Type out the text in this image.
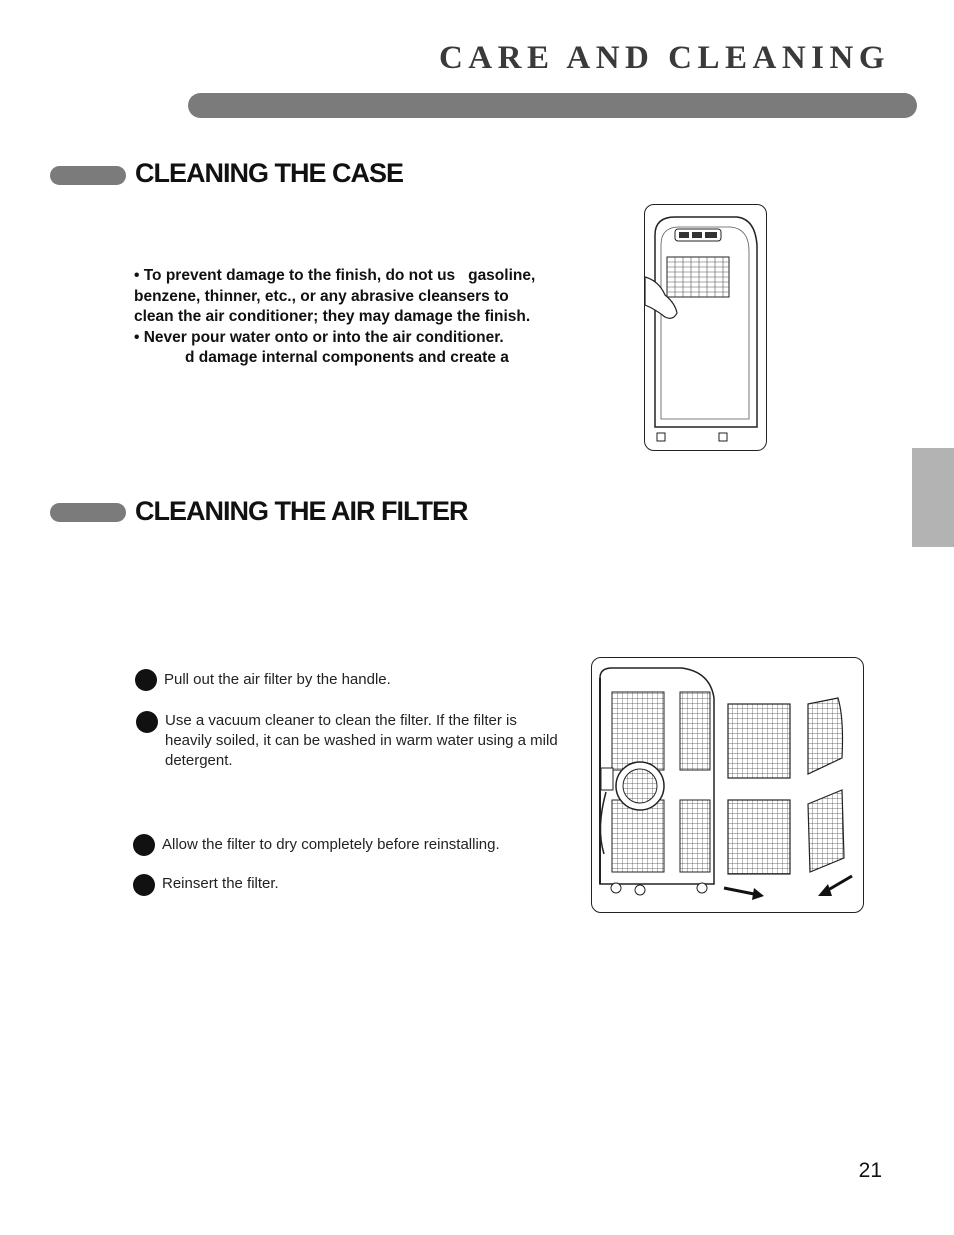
CARE AND CLEANING
CLEANING THE CASE

• To prevent damage to the finish, do not us   gasoline,

benzene, thinner, etc., or any abrasive cleansers to

clean the air conditioner; they may damage the finish.

• Never pour water onto or into the air conditioner.

d damage internal components and create a

CLEANING THE AIR FILTER
Pull out the air filter by the handle.
Use a vacuum cleaner to clean the filter. If the filter is heavily soiled, it can be washed in warm water using a mild detergent.
Allow the filter to dry completely before reinstalling.
Reinsert the filter.
21
